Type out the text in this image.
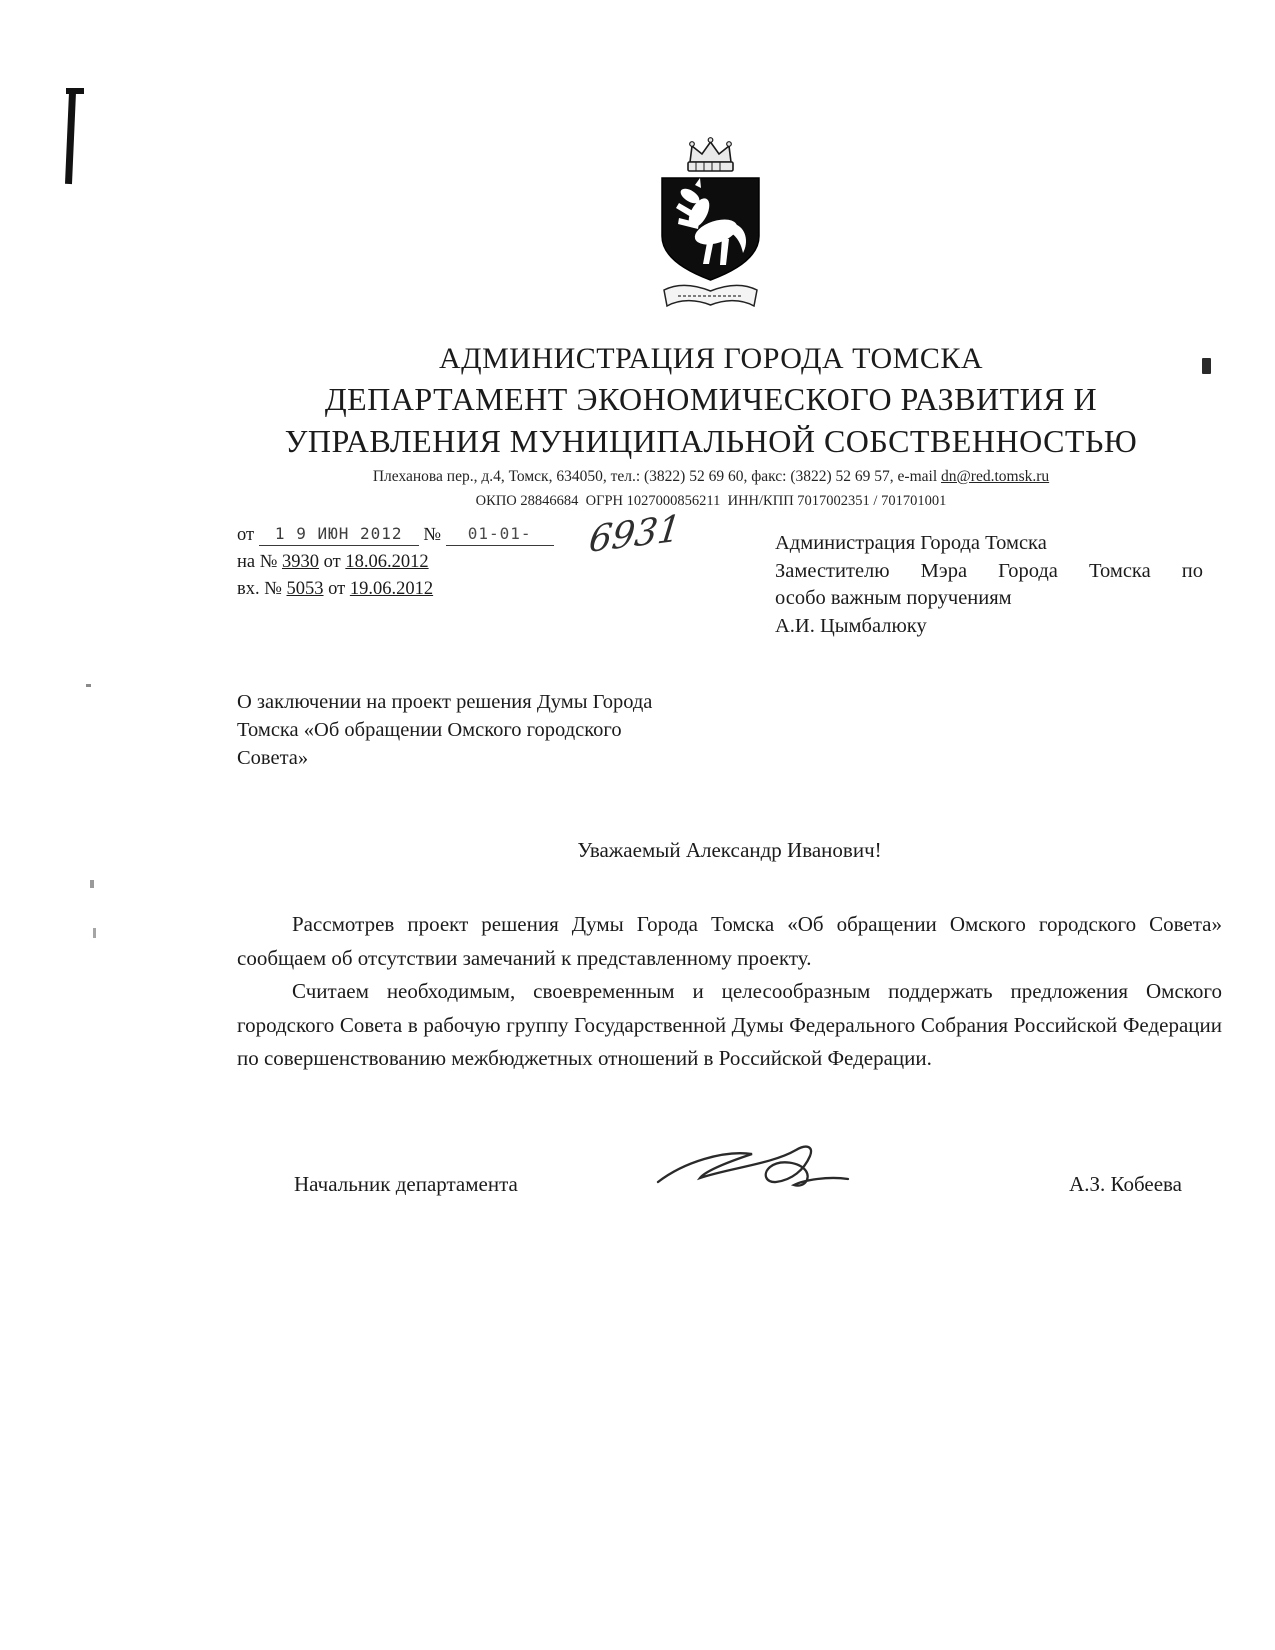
АДМИНИСТРАЦИЯ ГОРОДА ТОМСКА
ДЕПАРТАМЕНТ ЭКОНОМИЧЕСКОГО РАЗВИТИЯ И
УПРАВЛЕНИЯ МУНИЦИПАЛЬНОЙ СОБСТВЕННОСТЬЮ
Плеханова пер., д.4, Томск, 634050, тел.: (3822) 52 69 60, факс: (3822) 52 69 57, e-mail dn@red.tomsk.ru
ОКПО 28846684  ОГРН 1027000856211  ИНН/КПП 7017002351 / 701701001
от 1 9 ИЮН 2012 № 01-01-	6931
на № 3930 от 18.06.2012
вх. № 5053 от 19.06.2012
Администрация Города Томска
Заместителю Мэра Города Томска по
особо важным поручениям
А.И. Цымбалюку
О заключении на проект решения Думы Города
Томска «Об обращении Омского городского
Совета»
Уважаемый Александр Иванович!

Рассмотрев проект решения Думы Города Томска «Об обращении Омского городского Совета» сообщаем об отсутствии замечаний к представленному проекту.

Считаем необходимым, своевременным и целесообразным поддержать предложения Омского городского Совета в рабочую группу Государственной Думы Федерального Собрания Российской Федерации по совершенствованию межбюджетных отношений в Российской Федерации.

Начальник департамента	А.З. Кобеева
